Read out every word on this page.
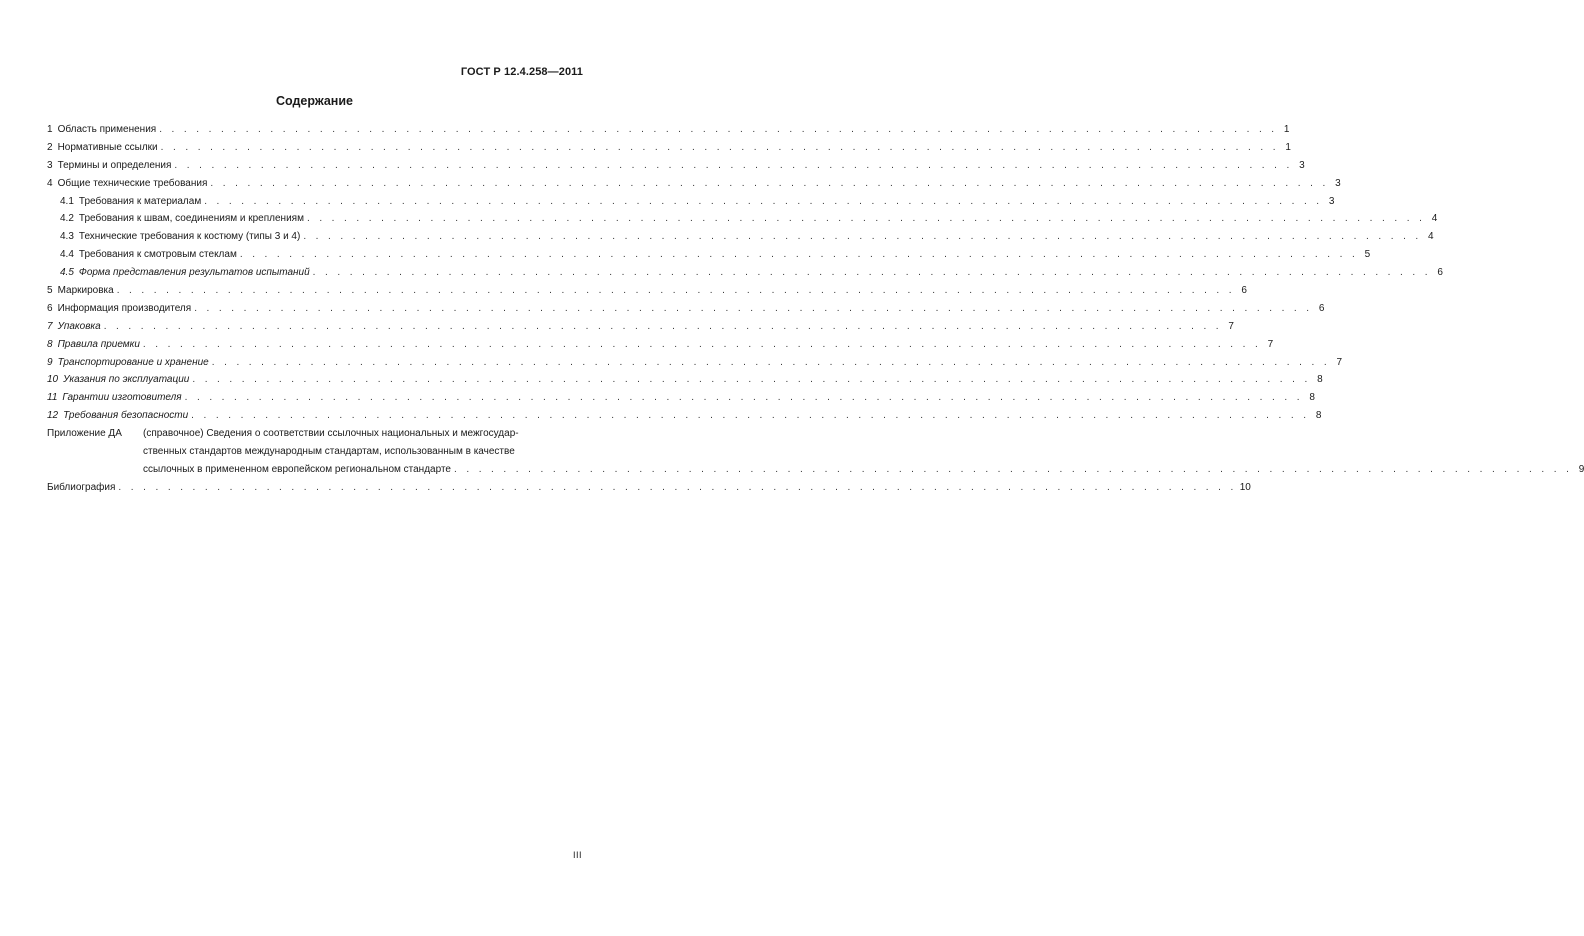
ГОСТ Р 12.4.258—2011
Содержание
1 Область применения . . .	1
2 Нормативные ссылки . . .	1
3 Термины и определения . . .	3
4 Общие технические требования . . .	3
4.1 Требования к материалам . . .	3
4.2 Требования к швам, соединениям и креплениям . . .	4
4.3 Технические требования к костюму (типы 3 и 4) . . .	4
4.4 Требования к смотровым стеклам . . .	5
4.5 Форма представления результатов испытаний . . .	6
5 Маркировка . . .	6
6 Информация производителя . . .	6
7 Упаковка . . .	7
8 Правила приемки . . .	7
9 Транспортирование и хранение . . .	7
10 Указания по эксплуатации . . .	8
11 Гарантии изготовителя . . .	8
12 Требования безопасности . . .	8
Приложение ДА	(справочное) Сведения о соответствии ссылочных национальных и межгосудар-
ственных стандартов международным стандартам, использованным в качестве
ссылочных в примененном европейском региональном стандарте . . .	9
Библиография . . .	10
III
